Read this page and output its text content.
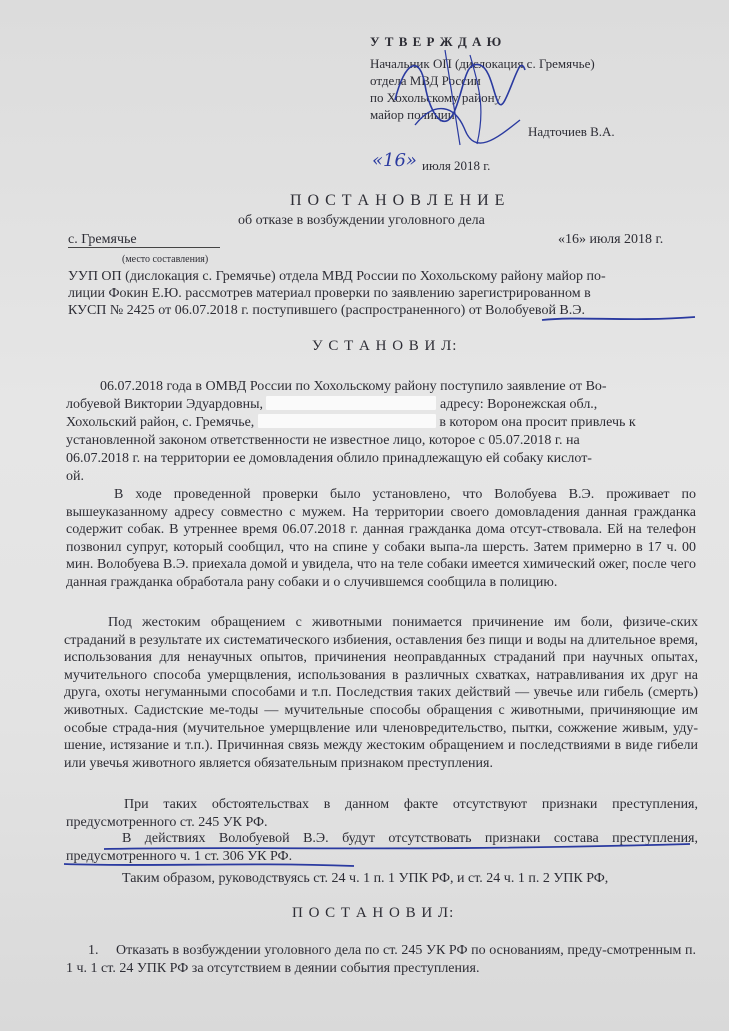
У Т В Е Р Ж Д А Ю
Начальник ОП (дислокация с. Гремячье)
отдела МВД России
по Хохольскому району
майор полиции
Надточиев В.А.
«16» июля 2018 г.
П О С Т А Н О В Л Е Н И Е
об отказе в возбуждении уголовного дела
с. Гремячье
(место составления)
«16» июля 2018 г.
УУП ОП (дислокация с. Гремячье) отдела МВД России по Хохольскому району майор по-
лиции Фокин Е.Ю. рассмотрев материал проверки по заявлению зарегистрированном в
КУСП № 2425 от 06.07.2018 г. поступившего (распространенного) от Волобуевой В.Э.
У С Т А Н О В И Л:
06.07.2018 года в ОМВД России по Хохольскому району поступило заявление от Во-
лобуевой Виктории Эдуардовны,	адресу: Воронежская обл.,
Хохольский район, с. Гремячье,	в котором она просит привлечь к
установленной законом ответственности не известное лицо, которое с 05.07.2018 г. на
06.07.2018 г. на территории ее домовладения облило принадлежащую ей собаку кислот-
ой.
В ходе проведенной проверки было установлено, что Волобуева В.Э. проживает по вышеуказанному адресу совместно с мужем. На территории своего домовладения данная гражданка содержит собак. В утреннее время 06.07.2018 г. данная гражданка дома отсут-ствовала. Ей на телефон позвонил супруг, который сообщил, что на спине у собаки выпа-ла шерсть. Затем примерно в 17 ч. 00 мин. Волобуева В.Э. приехала домой и увидела, что на теле собаки имеется химический ожег, после чего данная гражданка обработала рану собаки и о случившемся сообщила в полицию.
Под жестоким обращением с животными понимается причинение им боли, физиче-ских страданий в результате их систематического избиения, оставления без пищи и воды на длительное время, использования для ненаучных опытов, причинения неоправданных страданий при научных опытах, мучительного способа умерщвления, использования в различных схватках, натравливания их друг на друга, охоты негуманными способами и т.п. Последствия таких действий — увечье или гибель (смерть) животных. Садистские ме-тоды — мучительные способы обращения с животными, причиняющие им особые страда-ния (мучительное умерщвление или членовредительство, пытки, сожжение живым, уду-шение, истязание и т.п.). Причинная связь между жестоким обращением и последствиями в виде гибели или увечья животного является обязательным признаком преступления.
При таких обстоятельствах в данном факте отсутствуют признаки преступления, предусмотренного ст. 245 УК РФ.
В действиях Волобуевой В.Э. будут отсутствовать признаки состава преступления, предусмотренного ч. 1 ст. 306 УК РФ.
Таким образом, руководствуясь ст. 24 ч. 1 п. 1 УПК РФ, и ст. 24 ч. 1 п. 2 УПК РФ,
П О С Т А Н О В И Л:
1.	Отказать в возбуждении уголовного дела по ст. 245 УК РФ по основаниям, преду-смотренным п. 1 ч. 1 ст. 24 УПК РФ за отсутствием в деянии события преступления.
